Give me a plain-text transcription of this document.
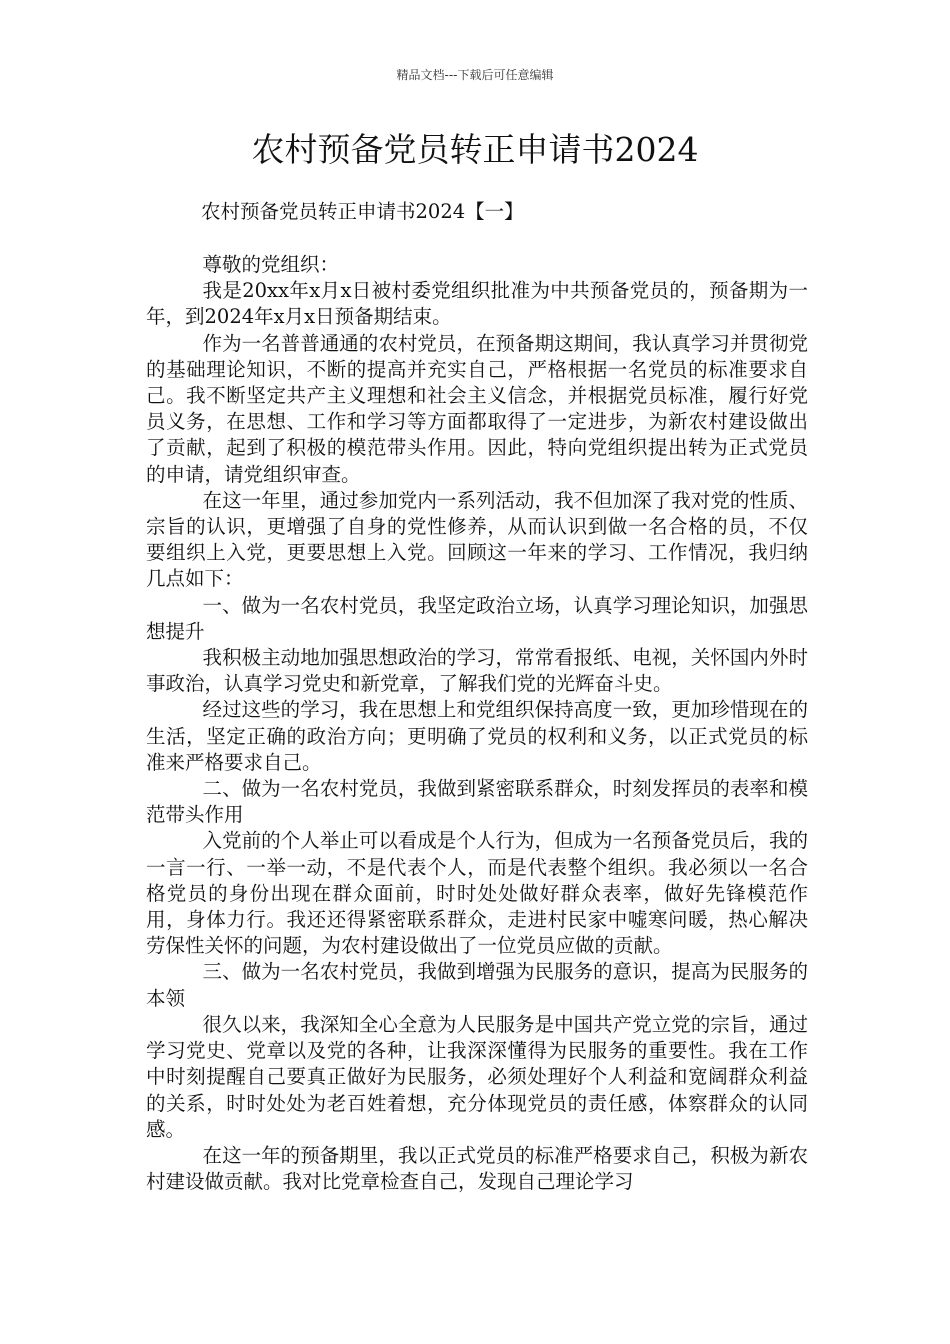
精品文档---下载后可任意编辑
农村预备党员转正申请书2024
农村预备党员转正申请书2024【一】

尊敬的党组织：

我是20xx年x月x日被村委党组织批准为中共预备党员的，预备期为一年，到2024年x月x日预备期结束。

作为一名普普通通的农村党员，在预备期这期间，我认真学习并贯彻党的基础理论知识，不断的提高并充实自己，严格根据一名党员的标准要求自己。我不断坚定共产主义理想和社会主义信念，并根据党员标准，履行好党员义务，在思想、工作和学习等方面都取得了一定进步，为新农村建设做出了贡献，起到了积极的模范带头作用。因此，特向党组织提出转为正式党员的申请，请党组织审查。

在这一年里，通过参加党内一系列活动，我不但加深了我对党的性质、宗旨的认识，更增强了自身的党性修养，从而认识到做一名合格的员，不仅要组织上入党，更要思想上入党。回顾这一年来的学习、工作情况，我归纳几点如下：

一、做为一名农村党员，我坚定政治立场，认真学习理论知识，加强思想提升

我积极主动地加强思想政治的学习，常常看报纸、电视，关怀国内外时事政治，认真学习党史和新党章，了解我们党的光辉奋斗史。

经过这些的学习，我在思想上和党组织保持高度一致，更加珍惜现在的生活，坚定正确的政治方向；更明确了党员的权利和义务，以正式党员的标准来严格要求自己。

二、做为一名农村党员，我做到紧密联系群众，时刻发挥员的表率和模范带头作用

入党前的个人举止可以看成是个人行为，但成为一名预备党员后，我的一言一行、一举一动，不是代表个人，而是代表整个组织。我必须以一名合格党员的身份出现在群众面前，时时处处做好群众表率，做好先锋模范作用，身体力行。我还还得紧密联系群众，走进村民家中嘘寒问暖，热心解决劳保性关怀的问题，为农村建设做出了一位党员应做的贡献。

三、做为一名农村党员，我做到增强为民服务的意识，提高为民服务的本领

很久以来，我深知全心全意为人民服务是中国共产党立党的宗旨，通过学习党史、党章以及党的各种，让我深深懂得为民服务的重要性。我在工作中时刻提醒自己要真正做好为民服务，必须处理好个人利益和宽阔群众利益的关系，时时处处为老百姓着想，充分体现党员的责任感，体察群众的认同感。

在这一年的预备期里，我以正式党员的标准严格要求自己，积极为新农村建设做贡献。我对比党章检查自己，发现自己理论学习
